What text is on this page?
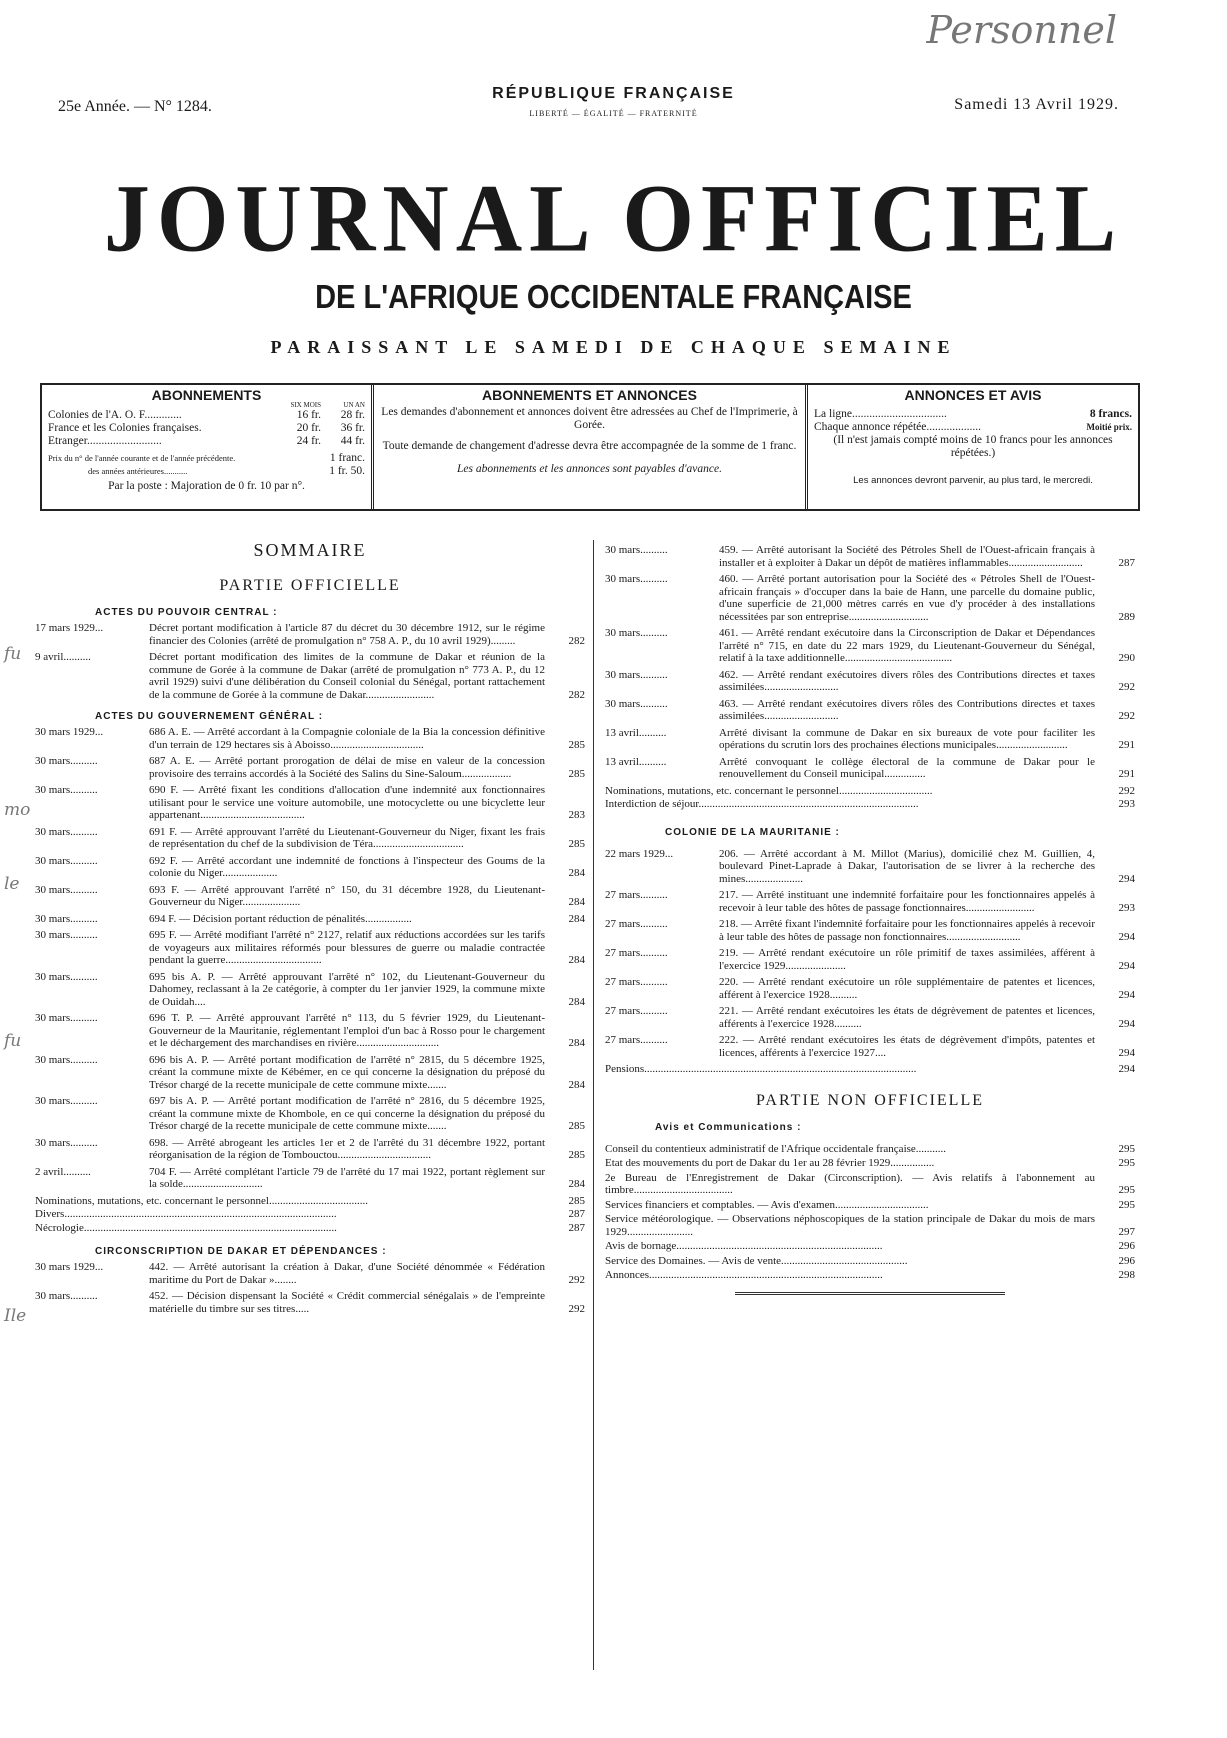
Personnel
25e Année. — N° 1284.
RÉPUBLIQUE FRANÇAISE
LIBERTÉ — ÉGALITÉ — FRATERNITÉ
Samedi 13 Avril 1929.
JOURNAL OFFICIEL
DE L'AFRIQUE OCCIDENTALE FRANÇAISE
PARAISSANT LE SAMEDI DE CHAQUE SEMAINE
ABONNEMENTS
SIX MOIS	UN AN
Colonies de l'A. O. F.............	16 fr.	28 fr.
France et les Colonies françaises.	20 fr.	36 fr.
Etranger..........................	24 fr.	44 fr.
Prix du n° de l'année courante et de l'année précédente.	1 franc.
des années antérieures...........	1 fr. 50.
Par la poste : Majoration de 0 fr. 10 par n°.
ABONNEMENTS ET ANNONCES
Les demandes d'abonnement et annonces doivent être adressées au Chef de l'Imprimerie, à Gorée.
Toute demande de changement d'adresse devra être accompagnée de la somme de 1 franc.
Les abonnements et les annonces sont payables d'avance.
ANNONCES ET AVIS
La ligne.................................	8 francs.
Chaque annonce répétée...................	Moitié prix.
(Il n'est jamais compté moins de 10 francs pour les annonces répétées.)
Les annonces devront parvenir, au plus tard, le mercredi.
fu
mo
le
fu
Ile
SOMMAIRE
PARTIE OFFICIELLE
ACTES DU POUVOIR CENTRAL :
17 mars 1929...	Décret portant modification à l'article 87 du décret du 30 décembre 1912, sur le régime financier des Colonies (arrêté de promulgation n° 758 A. P., du 10 avril 1929).........	282
9 avril..........	Décret portant modification des limites de la commune de Dakar et réunion de la commune de Gorée à la commune de Dakar (arrêté de promulgation n° 773 A. P., du 12 avril 1929) suivi d'une délibération du Conseil colonial du Sénégal, portant rattachement de la commune de Gorée à la commune de Dakar.........................	282
ACTES DU GOUVERNEMENT GÉNÉRAL :
30 mars 1929...	686 A. E. — Arrêté accordant à la Compagnie coloniale de la Bia la concession définitive d'un terrain de 129 hectares sis à Aboisso..................................	285
30 mars..........	687 A. E. — Arrêté portant prorogation de délai de mise en valeur de la concession provisoire des terrains accordés à la Société des Salins du Sine-Saloum..................	285
30 mars..........	690 F. — Arrêté fixant les conditions d'allocation d'une indemnité aux fonctionnaires utilisant pour le service une voiture automobile, une motocyclette ou une bicyclette leur appartenant......................................	283
30 mars..........	691 F. — Arrêté approuvant l'arrêté du Lieutenant-Gouverneur du Niger, fixant les frais de représentation du chef de la subdivision de Téra.................................	285
30 mars..........	692 F. — Arrêté accordant une indemnité de fonctions à l'inspecteur des Goums de la colonie du Niger....................	284
30 mars..........	693 F. — Arrêté approuvant l'arrêté n° 150, du 31 décembre 1928, du Lieutenant-Gouverneur du Niger.....................	284
30 mars..........	694 F. — Décision portant réduction de pénalités.................	284
30 mars..........	695 F. — Arrêté modifiant l'arrêté n° 2127, relatif aux réductions accordées sur les tarifs de voyageurs aux militaires réformés pour blessures de guerre ou maladie contractée pendant la guerre...................................	284
30 mars..........	695 bis A. P. — Arrêté approuvant l'arrêté n° 102, du Lieutenant-Gouverneur du Dahomey, reclassant à la 2e catégorie, à compter du 1er janvier 1929, la commune mixte de Ouidah....	284
30 mars..........	696 T. P. — Arrêté approuvant l'arrêté n° 113, du 5 février 1929, du Lieutenant-Gouverneur de la Mauritanie, réglementant l'emploi d'un bac à Rosso pour le chargement et le déchargement des marchandises en rivière..............................	284
30 mars..........	696 bis A. P. — Arrêté portant modification de l'arrêté n° 2815, du 5 décembre 1925, créant la commune mixte de Kébémer, en ce qui concerne la désignation du préposé du Trésor chargé de la recette municipale de cette commune mixte.......	284
30 mars..........	697 bis A. P. — Arrêté portant modification de l'arrêté n° 2816, du 5 décembre 1925, créant la commune mixte de Khombole, en ce qui concerne la désignation du préposé du Trésor chargé de la recette municipale de cette commune mixte.......	285
30 mars..........	698. — Arrêté abrogeant les articles 1er et 2 de l'arrêté du 31 décembre 1922, portant réorganisation de la région de Tombouctou..................................	285
2 avril..........	704 F. — Arrêté complétant l'article 79 de l'arrêté du 17 mai 1922, portant règlement sur la solde.............................	284
Nominations, mutations, etc. concernant le personnel....................................	285
Divers...................................................................................................	287
Nécrologie............................................................................................	287
CIRCONSCRIPTION DE DAKAR ET DÉPENDANCES :
30 mars 1929...	442. — Arrêté autorisant la création à Dakar, d'une Société dénommée « Fédération maritime du Port de Dakar »........	292
30 mars..........	452. — Décision dispensant la Société « Crédit commercial sénégalais » de l'empreinte matérielle du timbre sur ses titres.....	292
30 mars..........	459. — Arrêté autorisant la Société des Pétroles Shell de l'Ouest-africain français à installer et à exploiter à Dakar un dépôt de matières inflammables...........................	287
30 mars..........	460. — Arrêté portant autorisation pour la Société des « Pétroles Shell de l'Ouest-africain français » d'occuper dans la baie de Hann, une parcelle du domaine public, d'une superficie de 21,000 mètres carrés en vue d'y procéder à des installations nécessitées par son entreprise.............................	289
30 mars..........	461. — Arrêté rendant exécutoire dans la Circonscription de Dakar et Dépendances l'arrêté n° 715, en date du 22 mars 1929, du Lieutenant-Gouverneur du Sénégal, relatif à la taxe additionnelle.......................................	290
30 mars..........	462. — Arrêté rendant exécutoires divers rôles des Contributions directes et taxes assimilées...........................	292
30 mars..........	463. — Arrêté rendant exécutoires divers rôles des Contributions directes et taxes assimilées...........................	292
13 avril..........	Arrêté divisant la commune de Dakar en six bureaux de vote pour faciliter les opérations du scrutin lors des prochaines élections municipales..........................	291
13 avril..........	Arrêté convoquant le collège électoral de la commune de Dakar pour le renouvellement du Conseil municipal...............	291
Nominations, mutations, etc. concernant le personnel..................................	292
Interdiction de séjour................................................................................	293
COLONIE DE LA MAURITANIE :
22 mars 1929...	206. — Arrêté accordant à M. Millot (Marius), domicilié chez M. Guillien, 4, boulevard Pinet-Laprade à Dakar, l'autorisation de se livrer à la recherche des mines.....................	294
27 mars..........	217. — Arrêté instituant une indemnité forfaitaire pour les fonctionnaires appelés à recevoir à leur table des hôtes de passage fonctionnaires.........................	293
27 mars..........	218. — Arrêté fixant l'indemnité forfaitaire pour les fonctionnaires appelés à recevoir à leur table des hôtes de passage non fonctionnaires...........................	294
27 mars..........	219. — Arrêté rendant exécutoire un rôle primitif de taxes assimilées, afférent à l'exercice 1929......................	294
27 mars..........	220. — Arrêté rendant exécutoire un rôle supplémentaire de patentes et licences, afférent à l'exercice 1928..........	294
27 mars..........	221. — Arrêté rendant exécutoires les états de dégrèvement de patentes et licences, afférents à l'exercice 1928..........	294
27 mars..........	222. — Arrêté rendant exécutoires les états de dégrèvement d'impôts, patentes et licences, afférents à l'exercice 1927....	294
Pensions...................................................................................................	294
PARTIE NON OFFICIELLE
Avis et Communications :
Conseil du contentieux administratif de l'Afrique occidentale française...........	295
Etat des mouvements du port de Dakar du 1er au 28 février 1929................	295
2e Bureau de l'Enregistrement de Dakar (Circonscription). — Avis relatifs à l'abonnement au timbre....................................	295
Services financiers et comptables. — Avis d'examen..................................	295
Service météorologique. — Observations néphoscopiques de la station principale de Dakar du mois de mars 1929........................	297
Avis de bornage...........................................................................	296
Service des Domaines. — Avis de vente..............................................	296
Annonces.....................................................................................	298
